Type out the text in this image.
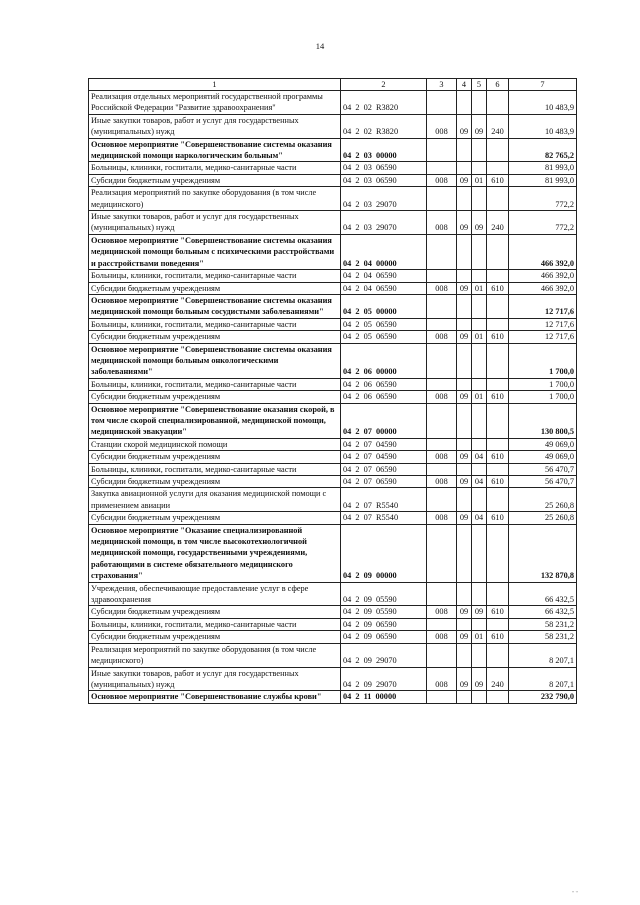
14
1	2	3	4	5	6	7
Реализация отдельных мероприятий государственной программы Российской Федерации "Развитие здравоохранения"	04 2 02 R3820					10 483,9
Иные закупки товаров, работ и услуг для государственных (муниципальных) нужд	04 2 02 R3820	008	09	09	240	10 483,9
Основное мероприятие "Совершенствование системы оказания медицинской помощи наркологическим больным"	04 2 03 00000					82 765,2
Больницы, клиники, госпитали, медико-санитарные части	04 2 03 06590					81 993,0
Субсидии бюджетным учреждениям	04 2 03 06590	008	09	01	610	81 993,0
Реализация мероприятий по закупке оборудования (в том числе медицинского)	04 2 03 29070					772,2
Иные закупки товаров, работ и услуг для государственных (муниципальных) нужд	04 2 03 29070	008	09	09	240	772,2
Основное мероприятие "Совершенствование системы оказания медицинской помощи больным с психическими расстройствами и расстройствами поведения"	04 2 04 00000					466 392,0
Больницы, клиники, госпитали, медико-санитарные части	04 2 04 06590					466 392,0
Субсидии бюджетным учреждениям	04 2 04 06590	008	09	01	610	466 392,0
Основное мероприятие "Совершенствование системы оказания медицинской помощи больным сосудистыми заболеваниями"	04 2 05 00000					12 717,6
Больницы, клиники, госпитали, медико-санитарные части	04 2 05 06590					12 717,6
Субсидии бюджетным учреждениям	04 2 05 06590	008	09	01	610	12 717,6
Основное мероприятие "Совершенствование системы оказания медицинской помощи больным онкологическими заболеваниями"	04 2 06 00000					1 700,0
Больницы, клиники, госпитали, медико-санитарные части	04 2 06 06590					1 700,0
Субсидии бюджетным учреждениям	04 2 06 06590	008	09	01	610	1 700,0
Основное мероприятие "Совершенствование оказания скорой, в том числе скорой специализированной, медицинской помощи, медицинской эвакуации"	04 2 07 00000					130 800,5
Станции скорой медицинской помощи	04 2 07 04590					49 069,0
Субсидии бюджетным учреждениям	04 2 07 04590	008	09	04	610	49 069,0
Больницы, клиники, госпитали, медико-санитарные части	04 2 07 06590					56 470,7
Субсидии бюджетным учреждениям	04 2 07 06590	008	09	04	610	56 470,7
Закупка авиационной услуги для оказания медицинской помощи с применением авиации	04 2 07 R5540					25 260,8
Субсидии бюджетным учреждениям	04 2 07 R5540	008	09	04	610	25 260,8
Основное мероприятие "Оказание специализированной медицинской помощи, в том числе высокотехнологичной медицинской помощи, государственными учреждениями, работающими в системе обязательного медицинского страхования"	04 2 09 00000					132 870,8
Учреждения, обеспечивающие предоставление услуг в сфере здравоохранения	04 2 09 05590					66 432,5
Субсидии бюджетным учреждениям	04 2 09 05590	008	09	09	610	66 432,5
Больницы, клиники, госпитали, медико-санитарные части	04 2 09 06590					58 231,2
Субсидии бюджетным учреждениям	04 2 09 06590	008	09	01	610	58 231,2
Реализация мероприятий по закупке оборудования (в том числе медицинского)	04 2 09 29070					8 207,1
Иные закупки товаров, работ и услуг для государственных (муниципальных) нужд	04 2 09 29070	008	09	09	240	8 207,1
Основное мероприятие "Совершенствование службы крови"	04 2 11 00000					232 790,0
" "
